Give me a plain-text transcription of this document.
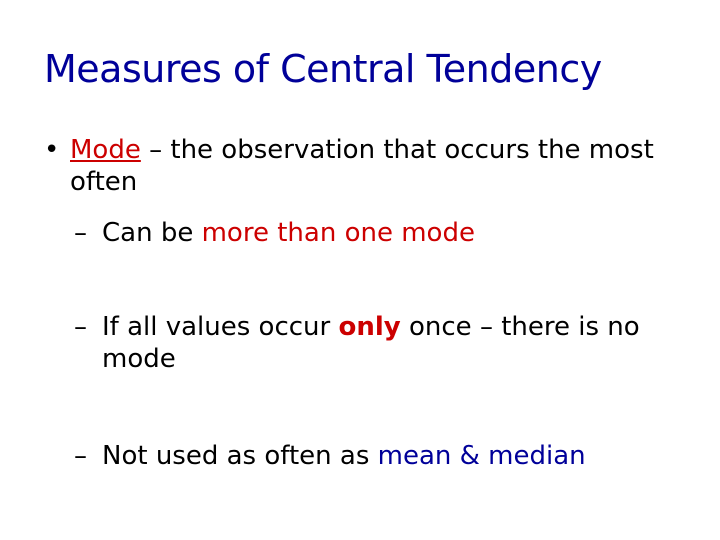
Measures of Central Tendency
• Mode – the observation that occurs the most often
– Can be more than one mode
– If all values occur only once – there is no mode
– Not used as often as mean & median
